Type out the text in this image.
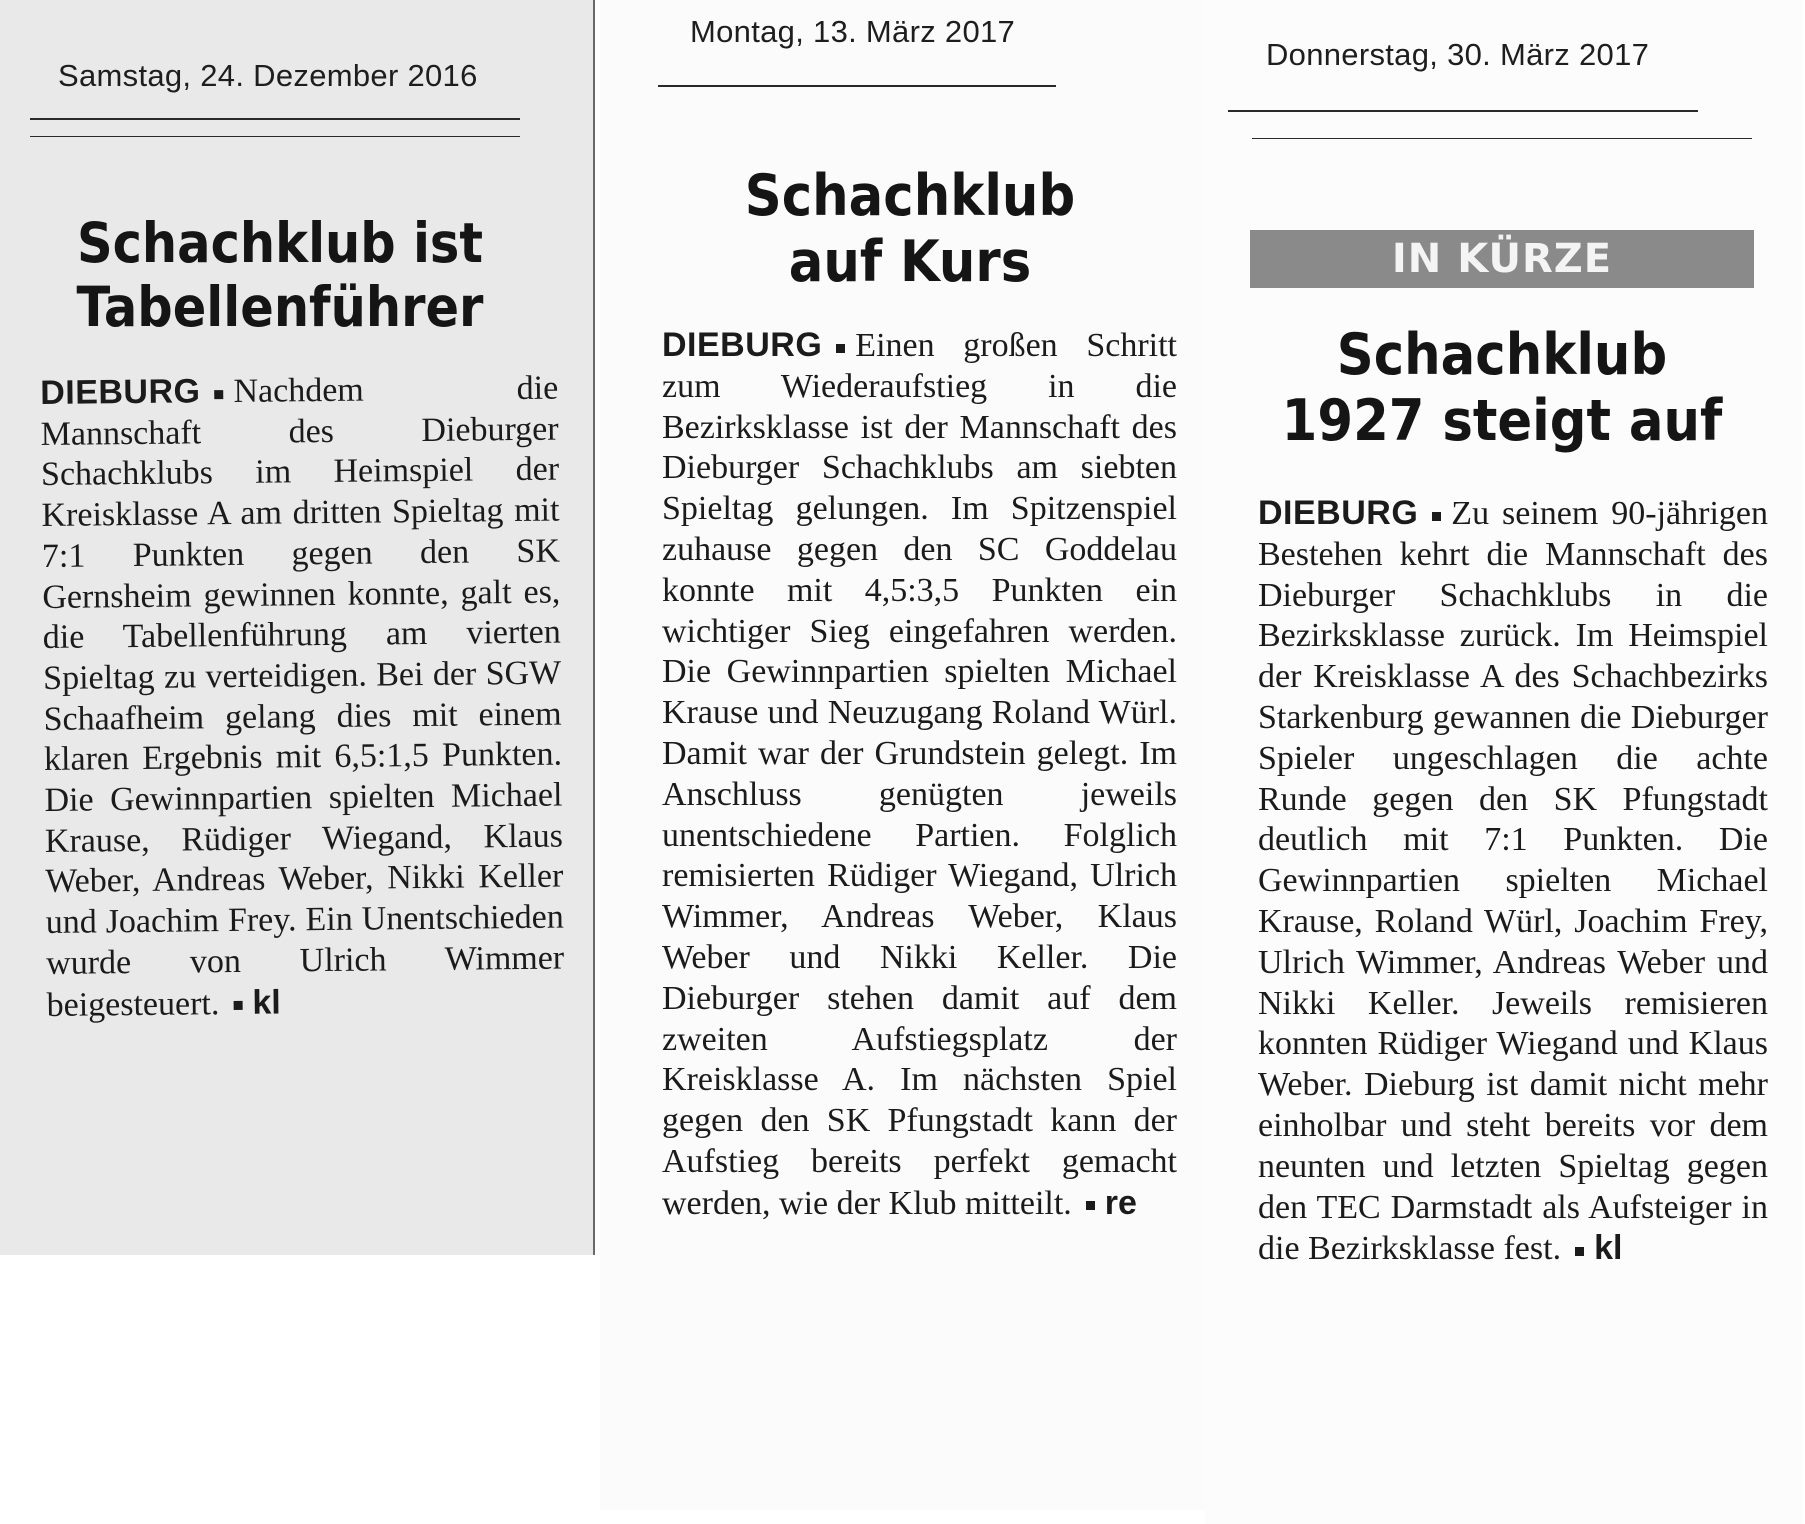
Samstag, 24. Dezember 2016
Schachklub ist Tabellenführer

DIEBURG Nachdem die Mannschaft des Dieburger Schachklubs im Heimspiel der Kreisklasse A am dritten Spieltag mit 7:1 Punkten gegen den SK Gernsheim gewinnen konnte, galt es, die Tabellenführung am vierten Spieltag zu verteidigen. Bei der SGW Schaafheim gelang dies mit einem klaren Ergebnis mit 6,5:1,5 Punkten. Die Gewinnpartien spielten Michael Krause, Rüdiger Wiegand, Klaus Weber, Andreas Weber, Nikki Keller und Joachim Frey. Ein Unentschieden wurde von Ulrich Wimmer beigesteuert. kl

Montag, 13. März 2017
Schachklub auf Kurs

DIEBURG Einen großen Schritt zum Wiederaufstieg in die Bezirksklasse ist der Mannschaft des Dieburger Schachklubs am siebten Spieltag gelungen. Im Spitzenspiel zuhause gegen den SC Goddelau konnte mit 4,5:3,5 Punkten ein wichtiger Sieg eingefahren werden. Die Gewinnpartien spielten Michael Krause und Neuzugang Roland Würl. Damit war der Grundstein gelegt. Im Anschluss genügten jeweils unentschiedene Partien. Folglich remisierten Rüdiger Wiegand, Ulrich Wimmer, Andreas Weber, Klaus Weber und Nikki Keller. Die Dieburger stehen damit auf dem zweiten Aufstiegsplatz der Kreisklasse A. Im nächsten Spiel gegen den SK Pfungstadt kann der Aufstieg bereits perfekt gemacht werden, wie der Klub mitteilt. re

Donnerstag, 30. März 2017
IN KÜRZE
Schachklub 1927 steigt auf

DIEBURG Zu seinem 90-jährigen Bestehen kehrt die Mannschaft des Dieburger Schachklubs in die Bezirksklasse zurück. Im Heimspiel der Kreisklasse A des Schachbezirks Starkenburg gewannen die Dieburger Spieler ungeschlagen die achte Runde gegen den SK Pfungstadt deutlich mit 7:1 Punkten. Die Gewinnpartien spielten Michael Krause, Roland Würl, Joachim Frey, Ulrich Wimmer, Andreas Weber und Nikki Keller. Jeweils remisieren konnten Rüdiger Wiegand und Klaus Weber. Dieburg ist damit nicht mehr einholbar und steht bereits vor dem neunten und letzten Spieltag gegen den TEC Darmstadt als Aufsteiger in die Bezirksklasse fest. kl
